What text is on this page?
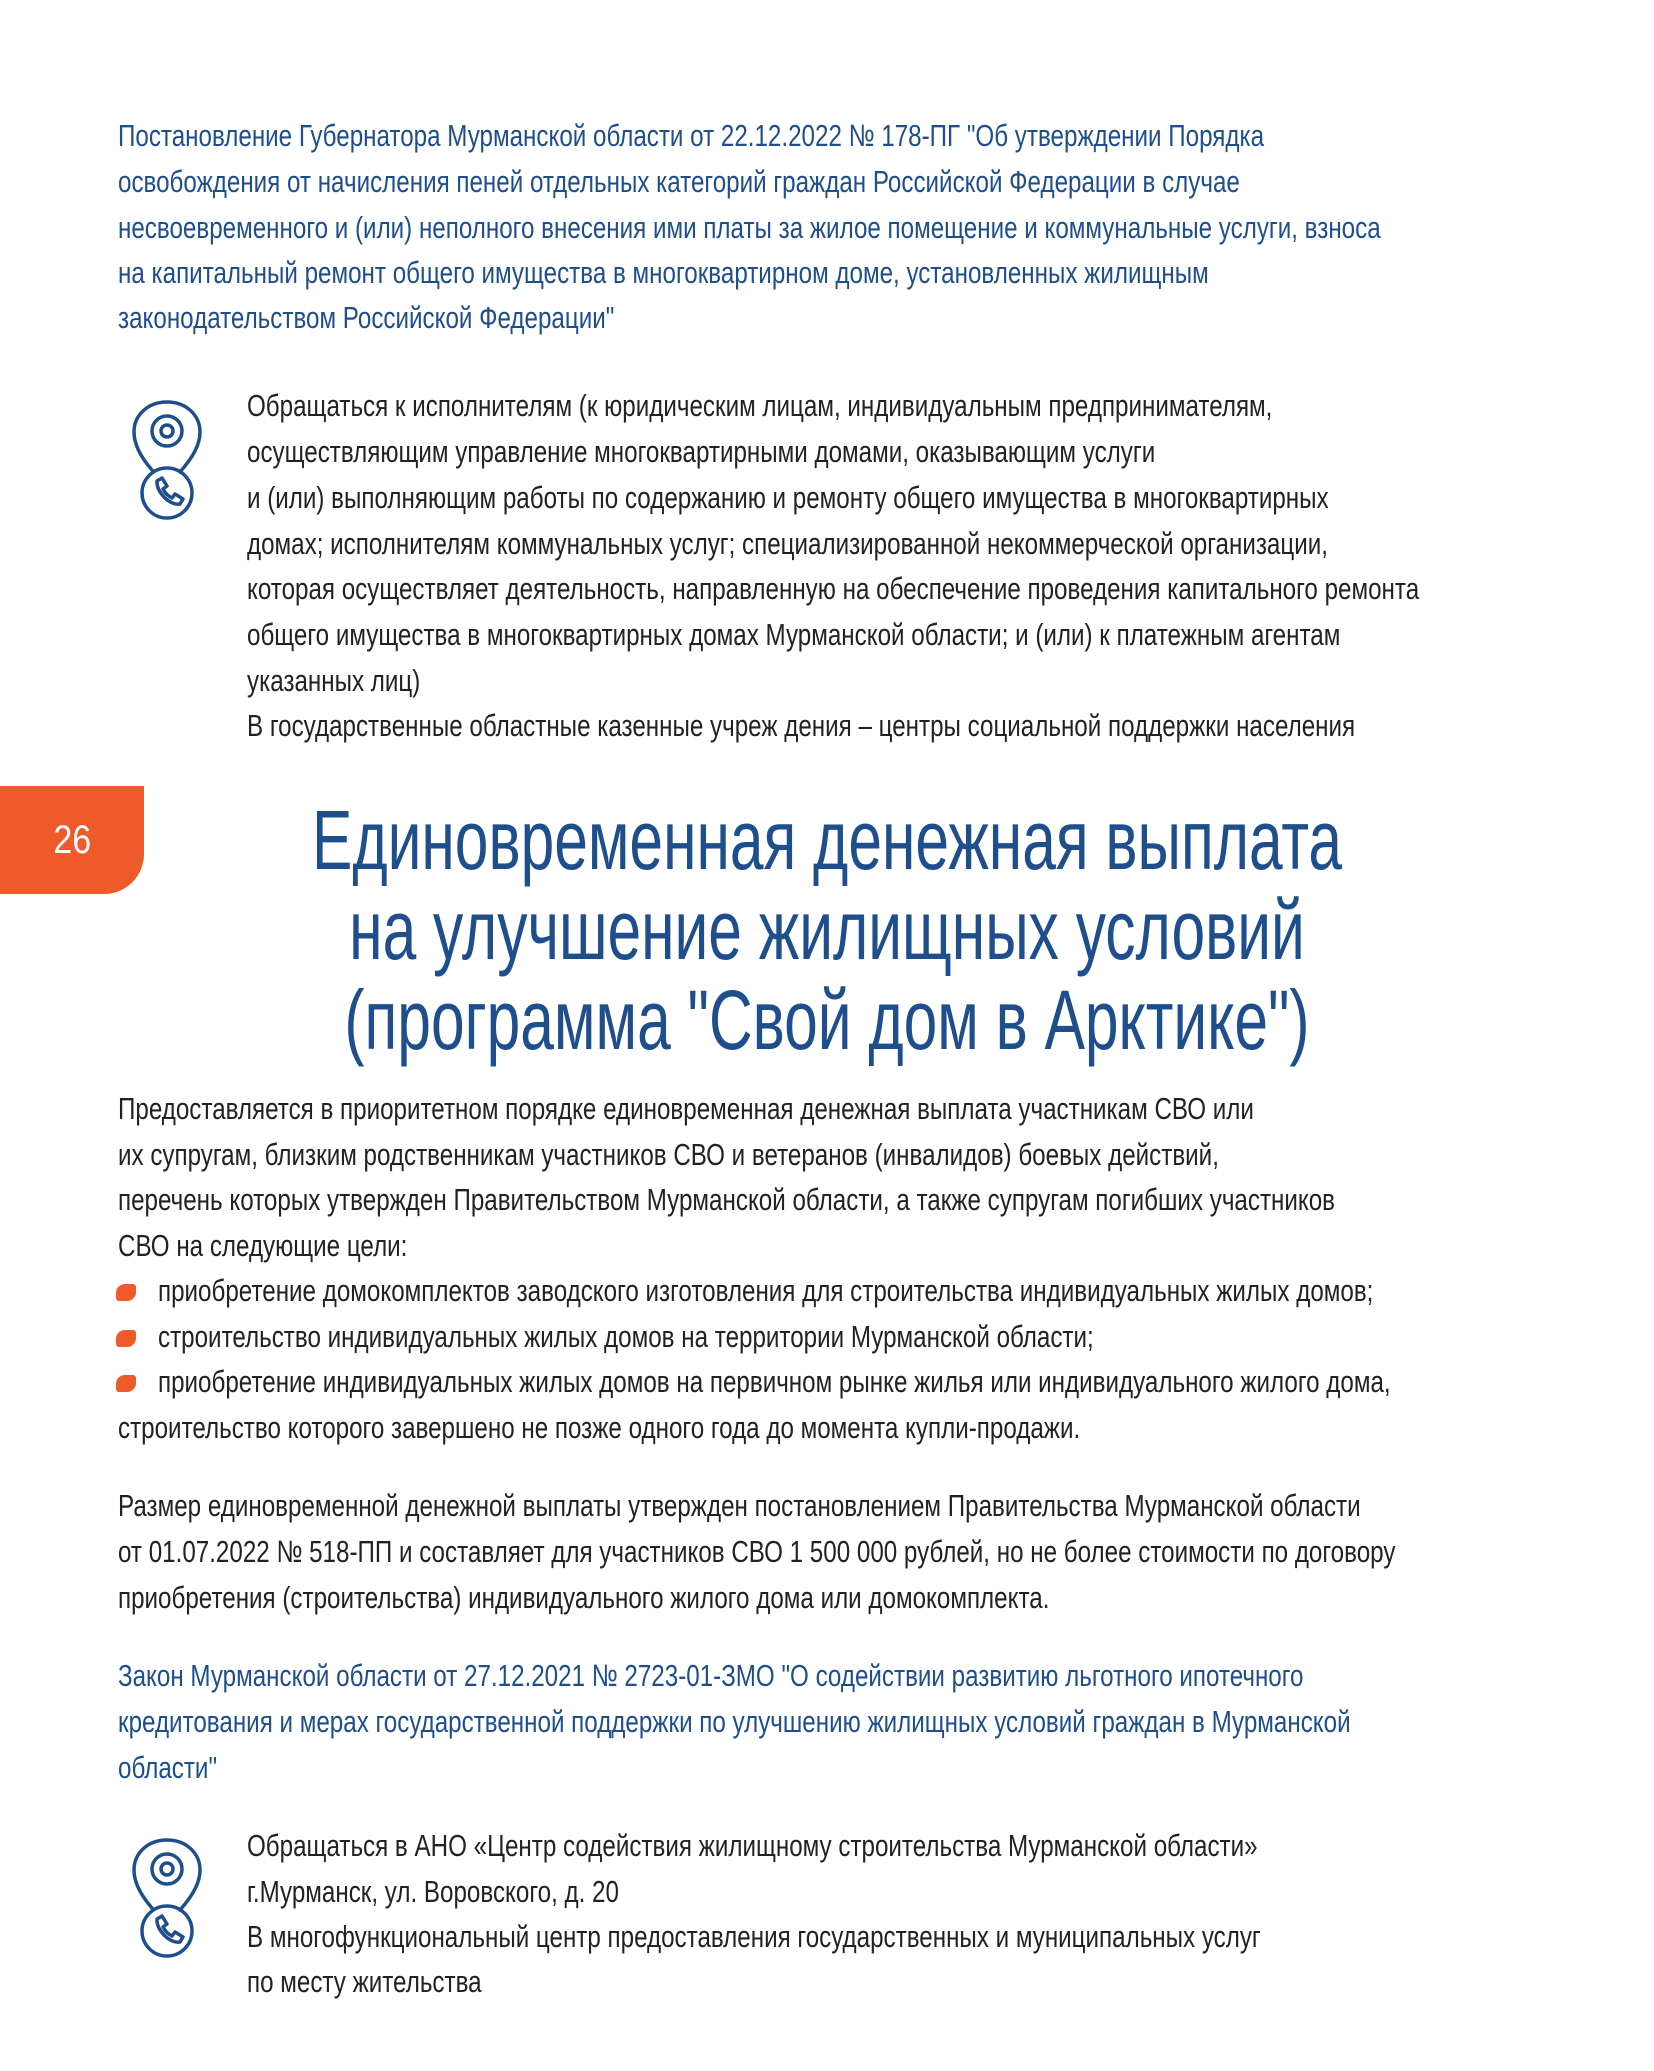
Постановление Губернатора Мурманской области от 22.12.2022 № 178-ПГ "Об утверждении Порядка
освобождения от начисления пеней отдельных категорий граждан Российской Федерации в случае
несвоевременного и (или) неполного внесения ими платы за жилое помещение и коммунальные услуги, взноса
на капитальный ремонт общего имущества в многоквартирном доме, установленных жилищным
законодательством Российской Федерации"
Обращаться к исполнителям (к юридическим лицам, индивидуальным предпринимателям,
осуществляющим управление многоквартирными домами, оказывающим услуги
и (или) выполняющим работы по содержанию и ремонту общего имущества в многоквартирных
домах; исполнителям коммунальных услуг; специализированной некоммерческой организации,
которая осуществляет деятельность, направленную на обеспечение проведения капитального ремонта
общего имущества в многоквартирных домах Мурманской области; и (или) к платежным агентам
указанных лиц)
В государственные областные казенные учреж дения – центры социальной поддержки населения
26	Единовременная денежная выплата
на улучшение жилищных условий
(программа "Свой дом в Арктике")
Предоставляется в приоритетном порядке единовременная денежная выплата участникам СВО или
их супругам, близким родственникам участников СВО и ветеранов (инвалидов) боевых действий,
перечень которых утвержден Правительством Мурманской области, а также супругам погибших участников
СВО на следующие цели:
приобретение домокомплектов заводского изготовления для строительства индивидуальных жилых домов;
строительство индивидуальных жилых домов на территории Мурманской области;
приобретение индивидуальных жилых домов на первичном рынке жилья или индивидуального жилого дома,
строительство которого завершено не позже одного года до момента купли-продажи.
Размер единовременной денежной выплаты утвержден постановлением Правительства Мурманской области
от 01.07.2022 № 518-ПП и составляет для участников СВО 1 500 000 рублей, но не более стоимости по договору
приобретения (строительства) индивидуального жилого дома или домокомплекта.
Закон Мурманской области от 27.12.2021 № 2723-01-ЗМО "О содействии развитию льготного ипотечного
кредитования и мерах государственной поддержки по улучшению жилищных условий граждан в Мурманской
области"
Обращаться в АНО «Центр содействия жилищному строительства Мурманской области»
г.Мурманск, ул. Воровского, д. 20
В многофункциональный центр предоставления государственных и муниципальных услуг
по месту жительства
